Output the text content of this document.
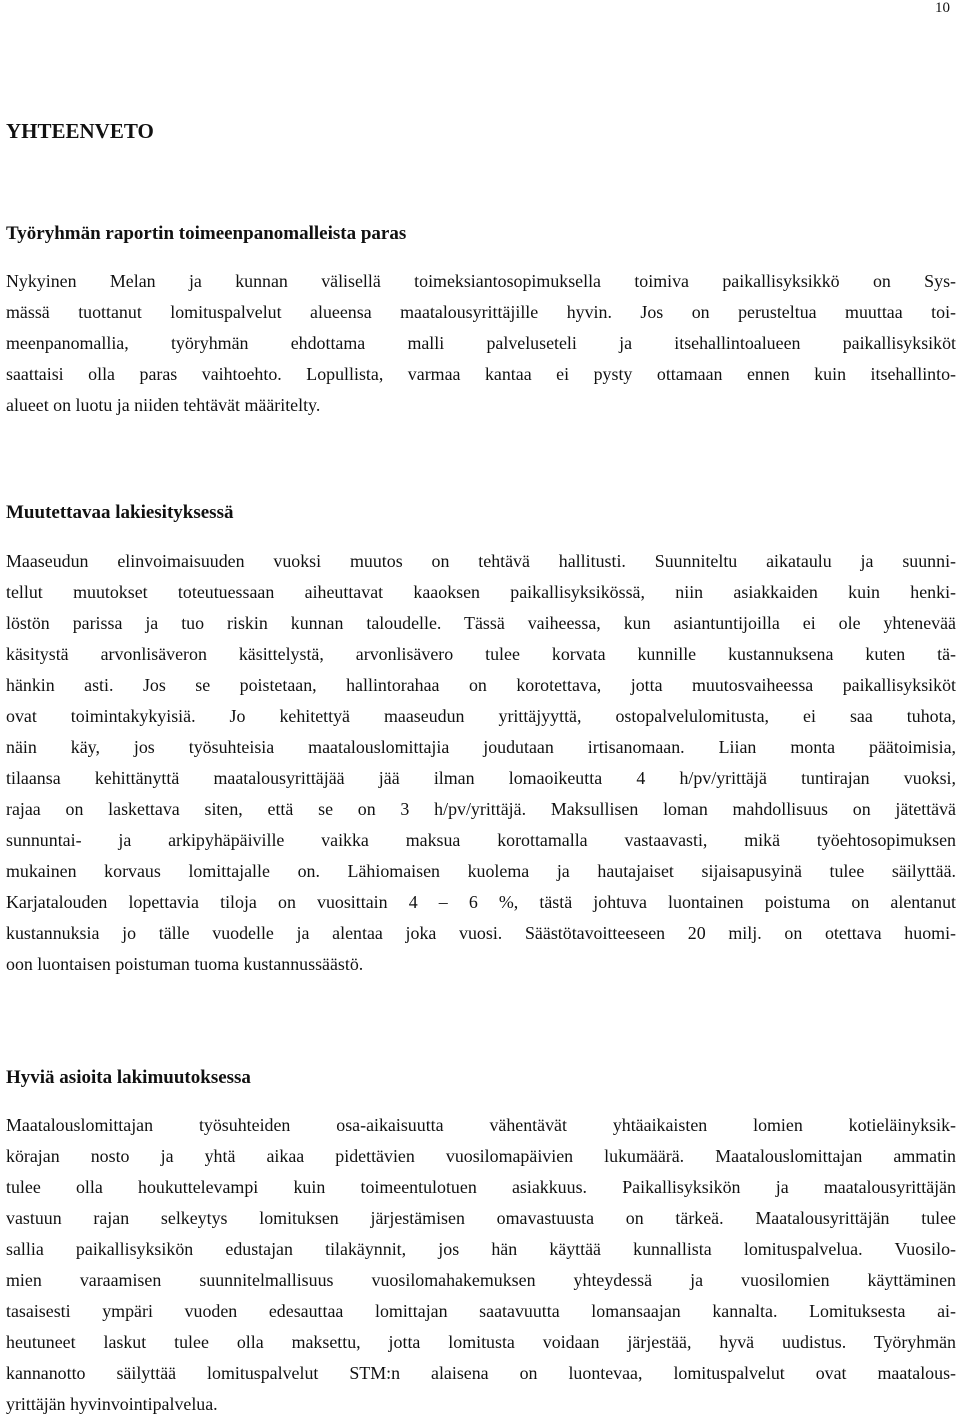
10
YHTEENVETO
Työryhmän raportin toimeenpanomalleista paras
Nykyinen Melan ja kunnan välisellä toimeksiantosopimuksella toimiva paikallisyksikkö on Sys-
mässä tuottanut lomituspalvelut alueensa maatalousyrittäjille hyvin. Jos on perusteltua muuttaa toi-
meenpanomallia, työryhmän ehdottama malli palveluseteli ja itsehallintoalueen paikallisyksiköt
saattaisi olla paras vaihtoehto. Lopullista, varmaa kantaa ei pysty ottamaan ennen kuin itsehallinto-
alueet on luotu ja niiden tehtävät määritelty.
Muutettavaa lakiesityksessä
Maaseudun elinvoimaisuuden vuoksi muutos on tehtävä hallitusti. Suunniteltu aikataulu ja suunni-
tellut muutokset toteutuessaan aiheuttavat kaaoksen paikallisyksikössä, niin asiakkaiden kuin henki-
löstön parissa ja tuo riskin kunnan taloudelle. Tässä vaiheessa, kun asiantuntijoilla ei ole yhtenevää
käsitystä arvonlisäveron käsittelystä, arvonlisävero tulee korvata kunnille kustannuksena kuten tä-
hänkin asti. Jos se poistetaan, hallintorahaa on korotettava, jotta muutosvaiheessa paikallisyksiköt
ovat toimintakykyisiä. Jo kehitettyä maaseudun yrittäjyyttä, ostopalvelulomitusta, ei saa tuhota,
näin käy, jos työsuhteisia maatalouslomittajia joudutaan irtisanomaan. Liian monta päätoimisia,
tilaansa kehittänyttä maatalousyrittäjää jää ilman lomaoikeutta 4 h/pv/yrittäjä tuntirajan vuoksi,
rajaa on laskettava siten, että se on 3 h/pv/yrittäjä. Maksullisen loman mahdollisuus on jätettävä
sunnuntai- ja arkipyhäpäiville vaikka maksua korottamalla vastaavasti, mikä työehtosopimuksen
mukainen korvaus lomittajalle on. Lähiomaisen kuolema ja hautajaiset sijaisapusyinä tulee säilyttää.
Karjatalouden lopettavia tiloja on vuosittain 4 – 6 %, tästä johtuva luontainen poistuma on alentanut
kustannuksia jo tälle vuodelle ja alentaa joka vuosi. Säästötavoitteeseen 20 milj. on otettava huomi-
oon luontaisen poistuman tuoma kustannussäästö.
Hyviä asioita lakimuutoksessa
Maatalouslomittajan työsuhteiden osa-aikaisuutta vähentävät yhtäaikaisten lomien kotieläinyksik-
körajan nosto ja yhtä aikaa pidettävien vuosilomapäivien lukumäärä. Maatalouslomittajan ammatin
tulee olla houkuttelevampi kuin toimeentulotuen asiakkuus. Paikallisyksikön ja maatalousyrittäjän
vastuun rajan selkeytys lomituksen järjestämisen omavastuusta on tärkeä. Maatalousyrittäjän tulee
sallia paikallisyksikön edustajan tilakäynnit, jos hän käyttää kunnallista lomituspalvelua. Vuosilo-
mien varaamisen suunnitelmallisuus vuosilomahakemuksen yhteydessä ja vuosilomien käyttäminen
tasaisesti ympäri vuoden edesauttaa lomittajan saatavuutta lomansaajan kannalta. Lomituksesta ai-
heutuneet laskut tulee olla maksettu, jotta lomitusta voidaan järjestää, hyvä uudistus. Työryhmän
kannanotto säilyttää lomituspalvelut STM:n alaisena on luontevaa, lomituspalvelut ovat maatalous-
yrittäjän hyvinvointipalvelua.
